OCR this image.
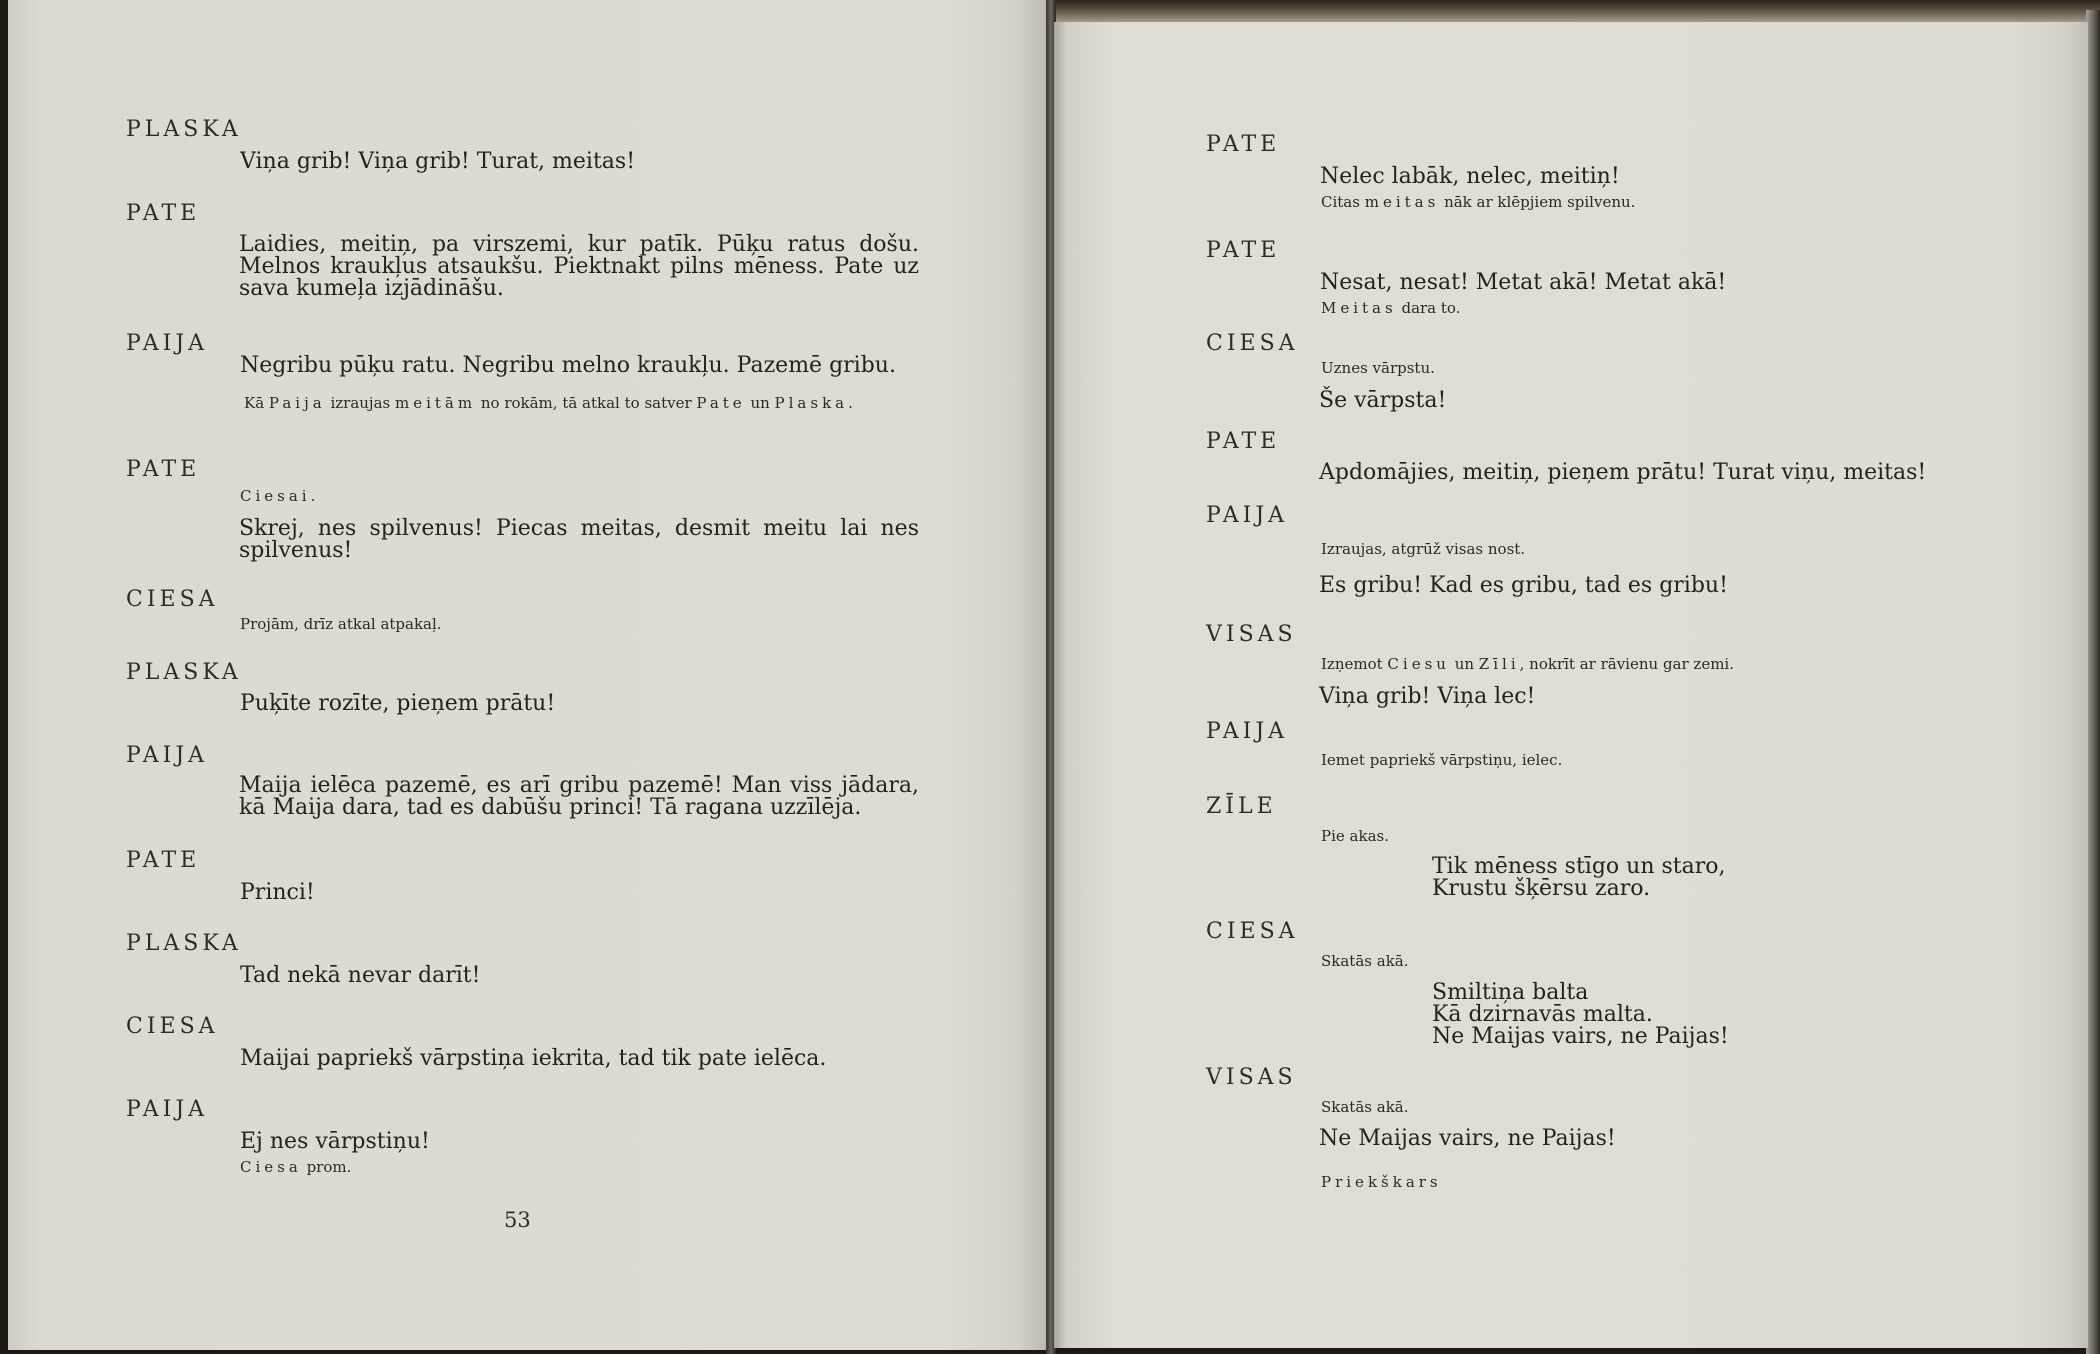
PLASKA
Viņa grib! Viņa grib! Turat, meitas!
PATE
Laidies, meitiņ, pa virszemi, kur patīk. Pūķu ratus došu. Melnos kraukļus atsaukšu. Piektnakt pilns mēness. Pate uz sava kumeļa izjādināšu.
PAIJA
Negribu pūķu ratu. Negribu melno kraukļu. Pazemē gribu.
Kā Paija izraujas meitām no rokām, tā atkal to satver Pate un Plaska.
PATE
Ciesai.
Skrej, nes spilvenus! Piecas meitas, desmit meitu lai nes spilvenus!
CIESA
Projām, drīz atkal atpakaļ.
PLASKA
Puķīte rozīte, pieņem prātu!
PAIJA
Maija ielēca pazemē, es arī gribu pazemē! Man viss jādara, kā Maija dara, tad es dabūšu princi! Tā ragana uzzīlēja.
PATE
Princi!
PLASKA
Tad nekā nevar darīt!
CIESA
Maijai papriekš vārpstiņa iekrita, tad tik pate ielēca.
PAIJA
Ej nes vārpstiņu!
Ciesa prom.
53
PATE
Nelec labāk, nelec, meitiņ!
Citas meitas nāk ar klēpjiem spilvenu.
PATE
Nesat, nesat! Metat akā! Metat akā!
Meitas dara to.
CIESA
Uznes vārpstu.
Še vārpsta!
PATE
Apdomājies, meitiņ, pieņem prātu! Turat viņu, meitas!
PAIJA
Izraujas, atgrūž visas nost.
Es gribu! Kad es gribu, tad es gribu!
VISAS
Izņemot Ciesu un Zīli, nokrīt ar rāvienu gar zemi.
Viņa grib! Viņa lec!
PAIJA
Iemet papriekš vārpstiņu, ielec.
ZĪLE
Pie akas.
Tik mēness stīgo un staro,
Krustu šķērsu zaro.
CIESA
Skatās akā.
Smiltiņa balta
Kā dzirnavās malta.
Ne Maijas vairs, ne Paijas!
VISAS
Skatās akā.
Ne Maijas vairs, ne Paijas!
Priekškars
